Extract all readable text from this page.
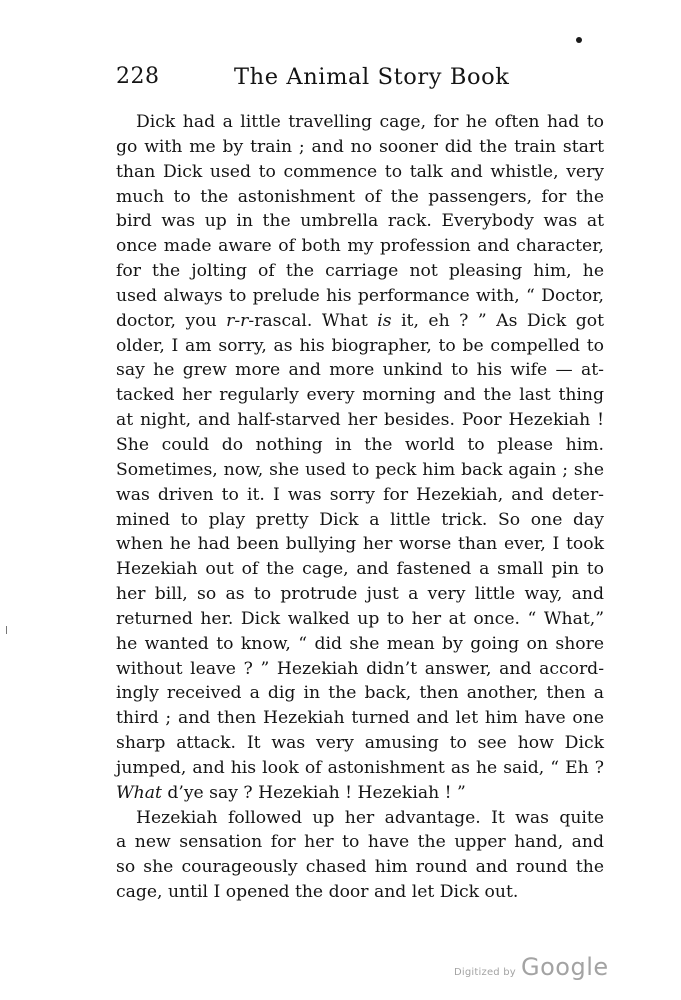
228	The Animal Story Book
Dick had a little travelling cage, for he often had to
go with me by train ; and no sooner did the train start
than Dick used to commence to talk and whistle, very
much to the astonishment of the passengers, for the
bird was up in the umbrella rack. Everybody was at
once made aware of both my profession and character,
for the jolting of the carriage not pleasing him, he
used always to prelude his performance with, “ Doctor,
doctor, you r-r-rascal. What is it, eh ? ” As Dick got
older, I am sorry, as his biographer, to be compelled to
say he grew more and more unkind to his wife — at-
tacked her regularly every morning and the last thing
at night, and half-starved her besides. Poor Hezekiah !
She could do nothing in the world to please him.
Sometimes, now, she used to peck him back again ; she
was driven to it. I was sorry for Hezekiah, and deter-
mined to play pretty Dick a little trick. So one day
when he had been bullying her worse than ever, I took
Hezekiah out of the cage, and fastened a small pin to
her bill, so as to protrude just a very little way, and
returned her. Dick walked up to her at once. “ What,”
he wanted to know, “ did she mean by going on shore
without leave ? ” Hezekiah didn’t answer, and accord-
ingly received a dig in the back, then another, then a
third ; and then Hezekiah turned and let him have one
sharp attack. It was very amusing to see how Dick
jumped, and his look of astonishment as he said, “ Eh ?
What d’ye say ? Hezekiah ! Hezekiah ! ”
Hezekiah followed up her advantage. It was quite
a new sensation for her to have the upper hand, and
so she courageously chased him round and round the
cage, until I opened the door and let Dick out.
Digitized by Google
